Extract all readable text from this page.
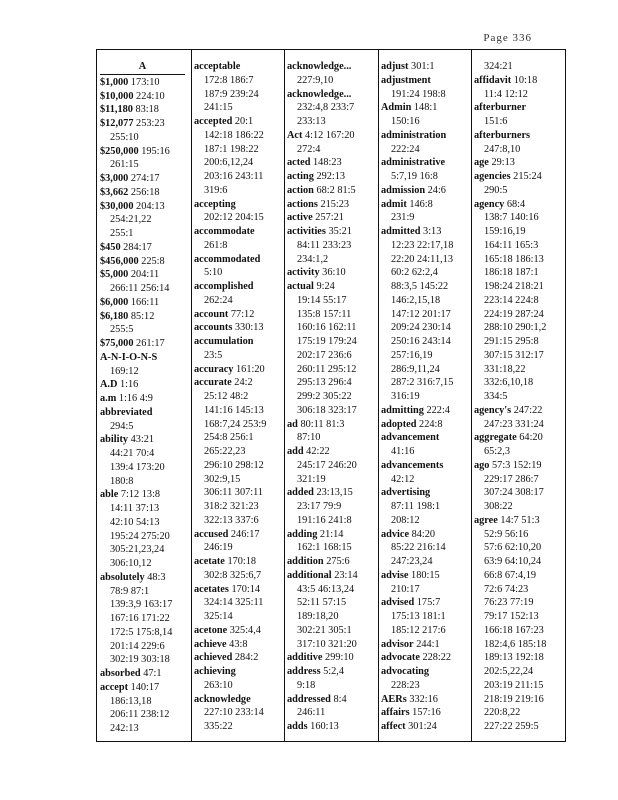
Page 336
A
$1,000 173:10
$10,000 224:10
$11,180 83:18
$12,077 253:23
255:10
$250,000 195:16
261:15
$3,000 274:17
$3,662 256:18
$30,000 204:13
254:21,22
255:1
$450 284:17
$456,000 225:8
$5,000 204:11
266:11 256:14
$6,000 166:11
$6,180 85:12
255:5
$75,000 261:17
A-N-I-O-N-S
169:12
A.D 1:16
a.m 1:16 4:9
abbreviated
294:5
ability 43:21
44:21 70:4
139:4 173:20
180:8
able 7:12 13:8
14:11 37:13
42:10 54:13
195:24 275:20
305:21,23,24
306:10,12
absolutely 48:3
78:9 87:1
139:3,9 163:17
167:16 171:22
172:5 175:8,14
201:14 229:6
302:19 303:18
absorbed 47:1
accept 140:17
186:13,18
206:11 238:12
242:13
acceptable
172:8 186:7
187:9 239:24
241:15
accepted 20:1
142:18 186:22
187:1 198:22
200:6,12,24
203:16 243:11
319:6
accepting
202:12 204:15
accommodate
261:8
accommodated
5:10
accomplished
262:24
account 77:12
accounts 330:13
accumulation
23:5
accuracy 161:20
accurate 24:2
25:12 48:2
141:16 145:13
168:7,24 253:9
254:8 256:1
265:22,23
296:10 298:12
302:9,15
306:11 307:11
318:2 321:23
322:13 337:6
accused 246:17
246:19
acetate 170:18
302:8 325:6,7
acetates 170:14
324:14 325:11
325:14
acetone 325:4,4
achieve 43:8
achieved 284:2
achieving
263:10
acknowledge
227:10 233:14
335:22
acknowledge...
227:9,10
acknowledge...
232:4,8 233:7
233:13
Act 4:12 167:20
272:4
acted 148:23
acting 292:13
action 68:2 81:5
actions 215:23
active 257:21
activities 35:21
84:11 233:23
234:1,2
activity 36:10
actual 9:24
19:14 55:17
135:8 157:11
160:16 162:11
175:19 179:24
202:17 236:6
260:11 295:12
295:13 296:4
299:2 305:22
306:18 323:17
ad 80:11 81:3
87:10
add 42:22
245:17 246:20
321:19
added 23:13,15
23:17 79:9
191:16 241:8
adding 21:14
162:1 168:15
addition 275:6
additional 23:14
43:5 46:13,24
52:11 57:15
189:18,20
302:21 305:1
317:10 321:20
additive 299:10
address 5:2,4
9:18
addressed 8:4
246:11
adds 160:13
adjust 301:1
adjustment
191:24 198:8
Admin 148:1
150:16
administration
222:24
administrative
5:7,19 16:8
admission 24:6
admit 146:8
231:9
admitted 3:13
12:23 22:17,18
22:20 24:11,13
60:2 62:2,4
88:3,5 145:22
146:2,15,18
147:12 201:17
209:24 230:14
250:16 243:14
257:16,19
286:9,11,24
287:2 316:7,15
316:19
admitting 222:4
adopted 224:8
advancement
41:16
advancements
42:12
advertising
87:11 198:1
208:12
advice 84:20
85:22 216:14
247:23,24
advise 180:15
210:17
advised 175:7
175:13 181:1
185:12 217:6
advisor 244:1
advocate 228:22
advocating
228:23
AERs 332:16
affairs 157:16
affect 301:24
324:21
affidavit 10:18
11:4 12:12
afterburner
151:6
afterburners
247:8,10
age 29:13
agencies 215:24
290:5
agency 68:4
138:7 140:16
159:16,19
164:11 165:3
165:18 186:13
186:18 187:1
198:24 218:21
223:14 224:8
224:19 287:24
288:10 290:1,2
291:15 295:8
307:15 312:17
331:18,22
332:6,10,18
334:5
agency's 247:22
247:23 331:24
aggregate 64:20
65:2,3
ago 57:3 152:19
229:17 286:7
307:24 308:17
308:22
agree 14:7 51:3
52:9 56:16
57:6 62:10,20
63:9 64:10,24
66:8 67:4,19
72:6 74:23
76:23 77:19
79:17 152:13
166:18 167:23
182:4,6 185:18
189:13 192:18
202:5,22,24
203:19 211:15
218:19 219:16
220:8,22
227:22 259:5
